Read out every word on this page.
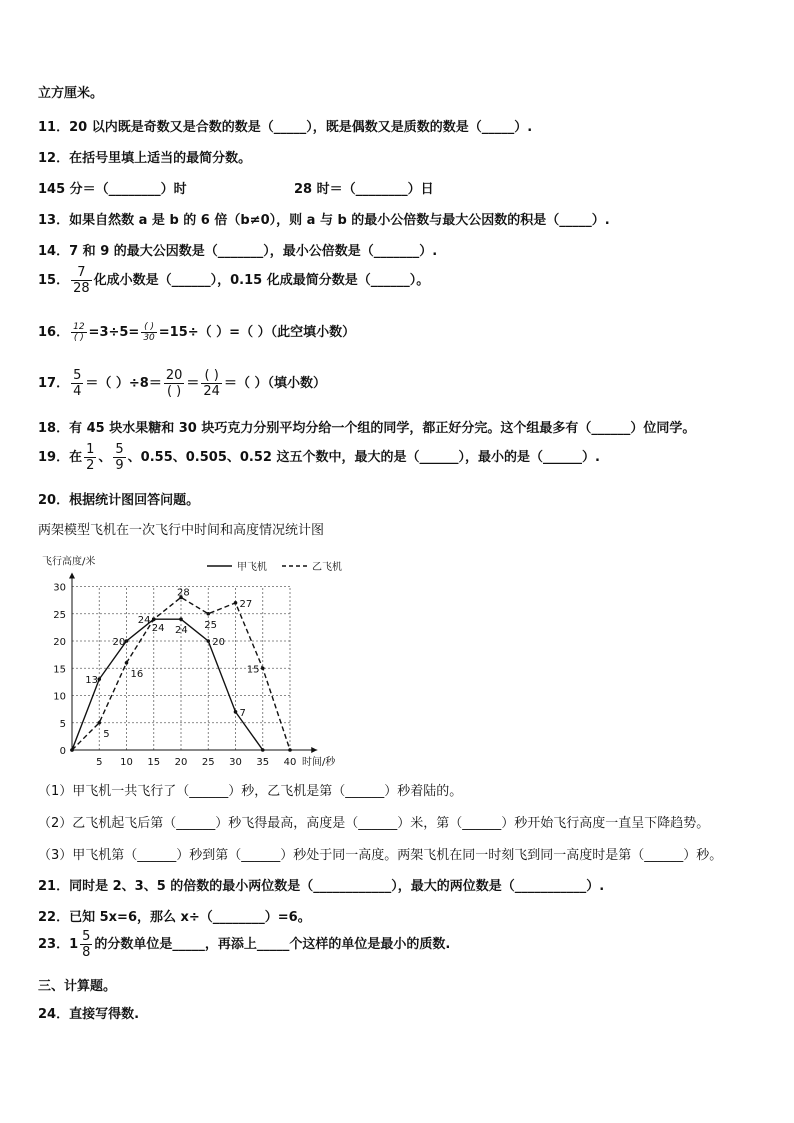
立方厘米。
11．20 以内既是奇数又是合数的数是（_____），既是偶数又是质数的数是（_____）.
12．在括号里填上适当的最简分数。
145 分＝（________）时	28 时＝（________）日
13．如果自然数 a 是 b 的 6 倍（b≠0），则 a 与 b 的最小公倍数与最大公因数的积是（_____）.
14．7 和 9 的最大公因数是（_______），最小公倍数是（_______）.
15． $\frac{7}{28}$ 化成小数是（______），0.15 化成最简分数是（______）。
16． $\frac{12}{( )} =3\div 5= \frac{( )}{30} =15\div$（ ）=（ ）（此空填小数）
17． $\frac{5}{4}$ ＝（ ）$\div 8= \frac{20}{( )} = \frac{( )}{24}$ ＝（ ）（填小数）
18．有 45 块水果糖和 30 块巧克力分别平均分给一个组的同学，都正好分完。这个组最多有（______）位同学。
19．在 $\frac{1}{2}$ 、 $\frac{5}{9}$ 、0.55、0.505、0.52 这五个数中，最大的是（______），最小的是（______）.
20．根据统计图回答问题。
两架模型飞机在一次飞行中时间和高度情况统计图
0
5
10
15
20
25
30
5 10 15 20 25 30 35 40 时间/秒
飞行高度/米
13
20
24
24
20
7
5
16
24
28
25
27
15
甲飞机	乙飞机
（1）甲飞机一共飞行了（______）秒，乙飞机是第（______）秒着陆的。
（2）乙飞机起飞后第（______）秒飞得最高，高度是（______）米，第（______）秒开始飞行高度一直呈下降趋势。
（3）甲飞机第（______）秒到第（______）秒处于同一高度。两架飞机在同一时刻飞到同一高度时是第（______）秒。
21．同时是 2、3、5 的倍数的最小两位数是（____________），最大的两位数是（___________）.
22．已知 5x=6，那么 x÷（________）=6。
23． $1 \frac{5}{8}$ 的分数单位是_____，再添上_____个这样的单位是最小的质数.
三、计算题。
24．直接写得数.
